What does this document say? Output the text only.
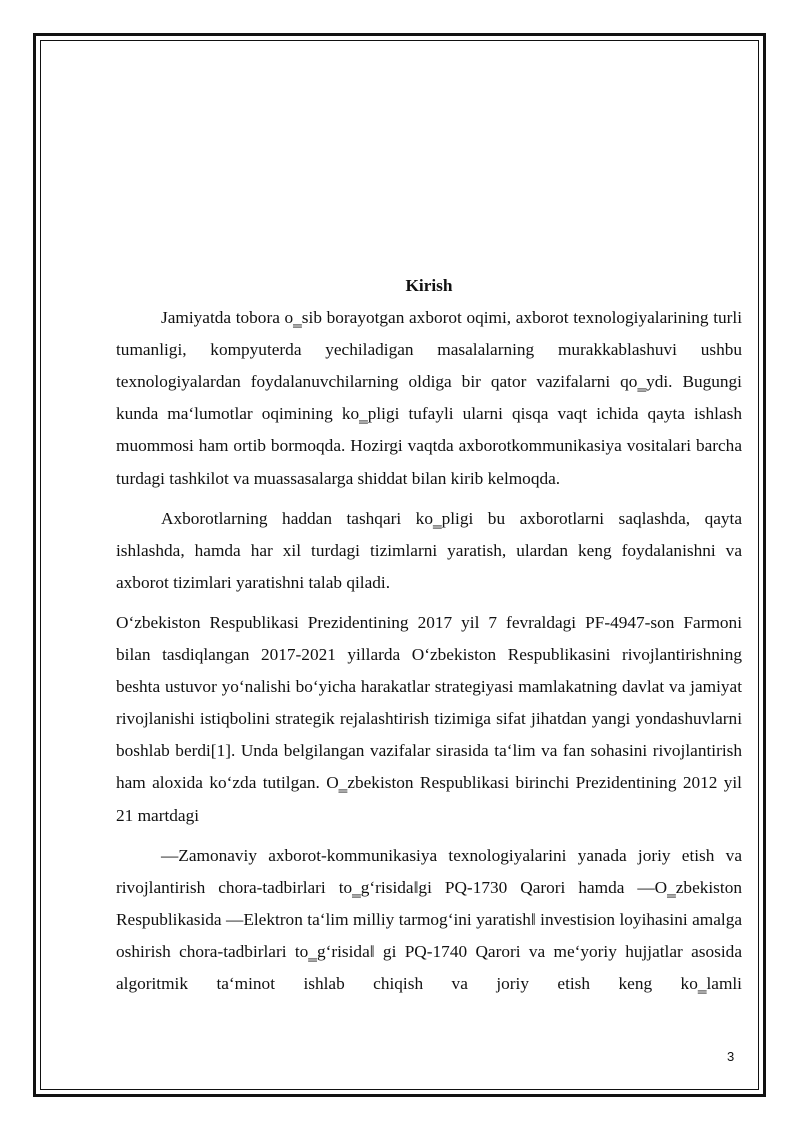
Kirish

Jamiyatda tobora o‗sib borayotgan axborot oqimi, axborot texnologiyalarining turli tumanligi, kompyuterda yechiladigan masalalarning murakkablashuvi ushbu texnologiyalardan foydalanuvchilarning oldiga bir qator vazifalarni qo‗ydi. Bugungi kunda ma‘lumotlar oqimining ko‗pligi tufayli ularni qisqa vaqt ichida qayta ishlash muommosi ham ortib bormoqda. Hozirgi vaqtda axborotkommunikasiya vositalari barcha turdagi tashkilot va muassasalarga shiddat bilan kirib kelmoqda.

Axborotlarning haddan tashqari ko‗pligi bu axborotlarni saqlashda, qayta ishlashda, hamda har xil turdagi tizimlarni yaratish, ulardan keng foydalanishni va axborot tizimlari yaratishni talab qiladi.

O‘zbekiston Respublikasi Prezidentining 2017 yil 7 fevraldagi PF-4947-son Farmoni bilan tasdiqlangan 2017-2021 yillarda O‘zbekiston Respublikasini rivojlantirishning beshta ustuvor yo‘nalishi bo‘yicha harakatlar strategiyasi mamlakatning davlat va jamiyat rivojlanishi istiqbolini strategik rejalashtirish tizimiga sifat jihatdan yangi yondashuvlarni boshlab berdi[1]. Unda belgilangan vazifalar sirasida ta‘lim va fan sohasini rivojlantirish ham aloxida ko‘zda tutilgan. O‗zbekiston Respublikasi birinchi Prezidentining 2012 yil 21 martdagi

―Zamonaviy axborot-kommunikasiya texnologiyalarini yanada joriy etish va rivojlantirish chora-tadbirlari to‗g‘risida‖gi PQ-1730 Qarori hamda ―O‗zbekiston Respublikasida ―Elektron ta‘lim milliy tarmog‘ini yaratish‖ investision loyihasini amalga oshirish chora-tadbirlari to‗g‘risida‖ gi PQ-1740 Qarori va me‘yoriy hujjatlar asosida algoritmik ta‘minot ishlab chiqish va joriy etish keng ko‗lamli

3
